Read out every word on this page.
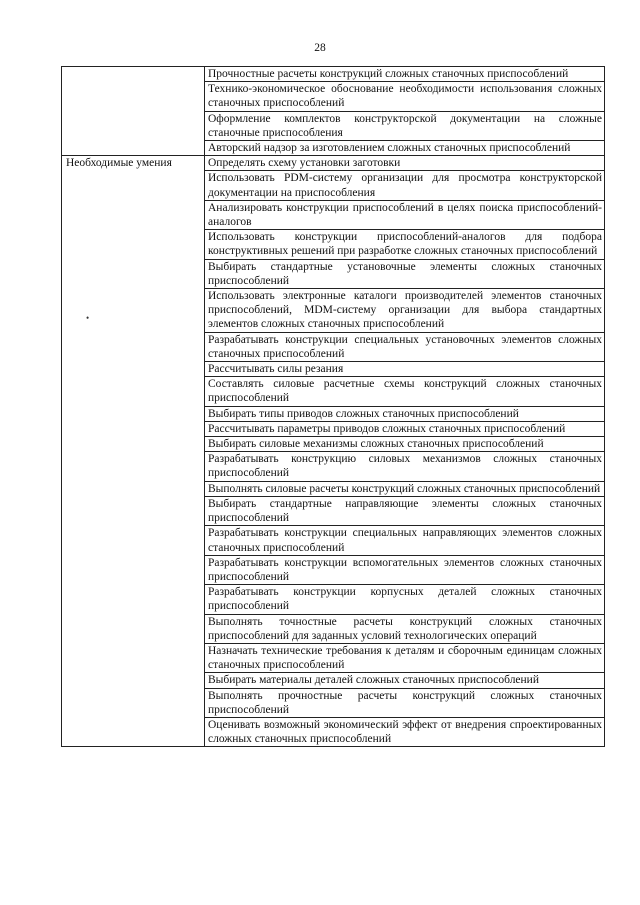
28
•
	Прочностные расчеты конструкций сложных станочных приспособлений
	Технико-экономическое обоснование необходимости использования сложных станочных приспособлений
	Оформление комплектов конструкторской документации на сложные станочные приспособления
	Авторский надзор за изготовлением сложных станочных приспособлений
Необходимые умения	Определять схему установки заготовки
	Использовать PDM-систему организации для просмотра конструкторской документации на приспособления
	Анализировать конструкции приспособлений в целях поиска приспособлений-аналогов
	Использовать конструкции приспособлений-аналогов для подбора конструктивных решений при разработке сложных станочных приспособлений
	Выбирать стандартные установочные элементы сложных станочных приспособлений
	Использовать электронные каталоги производителей элементов станочных приспособлений, MDM-систему организации для выбора стандартных элементов сложных станочных приспособлений
	Разрабатывать конструкции специальных установочных элементов сложных станочных приспособлений
	Рассчитывать силы резания
	Составлять силовые расчетные схемы конструкций сложных станочных приспособлений
	Выбирать типы приводов сложных станочных приспособлений
	Рассчитывать параметры приводов сложных станочных приспособлений
	Выбирать силовые механизмы сложных станочных приспособлений
	Разрабатывать конструкцию силовых механизмов сложных станочных приспособлений
	Выполнять силовые расчеты конструкций сложных станочных приспособлений
	Выбирать стандартные направляющие элементы сложных станочных приспособлений
	Разрабатывать конструкции специальных направляющих элементов сложных станочных приспособлений
	Разрабатывать конструкции вспомогательных элементов сложных станочных приспособлений
	Разрабатывать конструкции корпусных деталей сложных станочных приспособлений
	Выполнять точностные расчеты конструкций сложных станочных приспособлений для заданных условий технологических операций
	Назначать технические требования к деталям и сборочным единицам сложных станочных приспособлений
	Выбирать материалы деталей сложных станочных приспособлений
	Выполнять прочностные расчеты конструкций сложных станочных приспособлений
	Оценивать возможный экономический эффект от внедрения спроектированных сложных станочных приспособлений
